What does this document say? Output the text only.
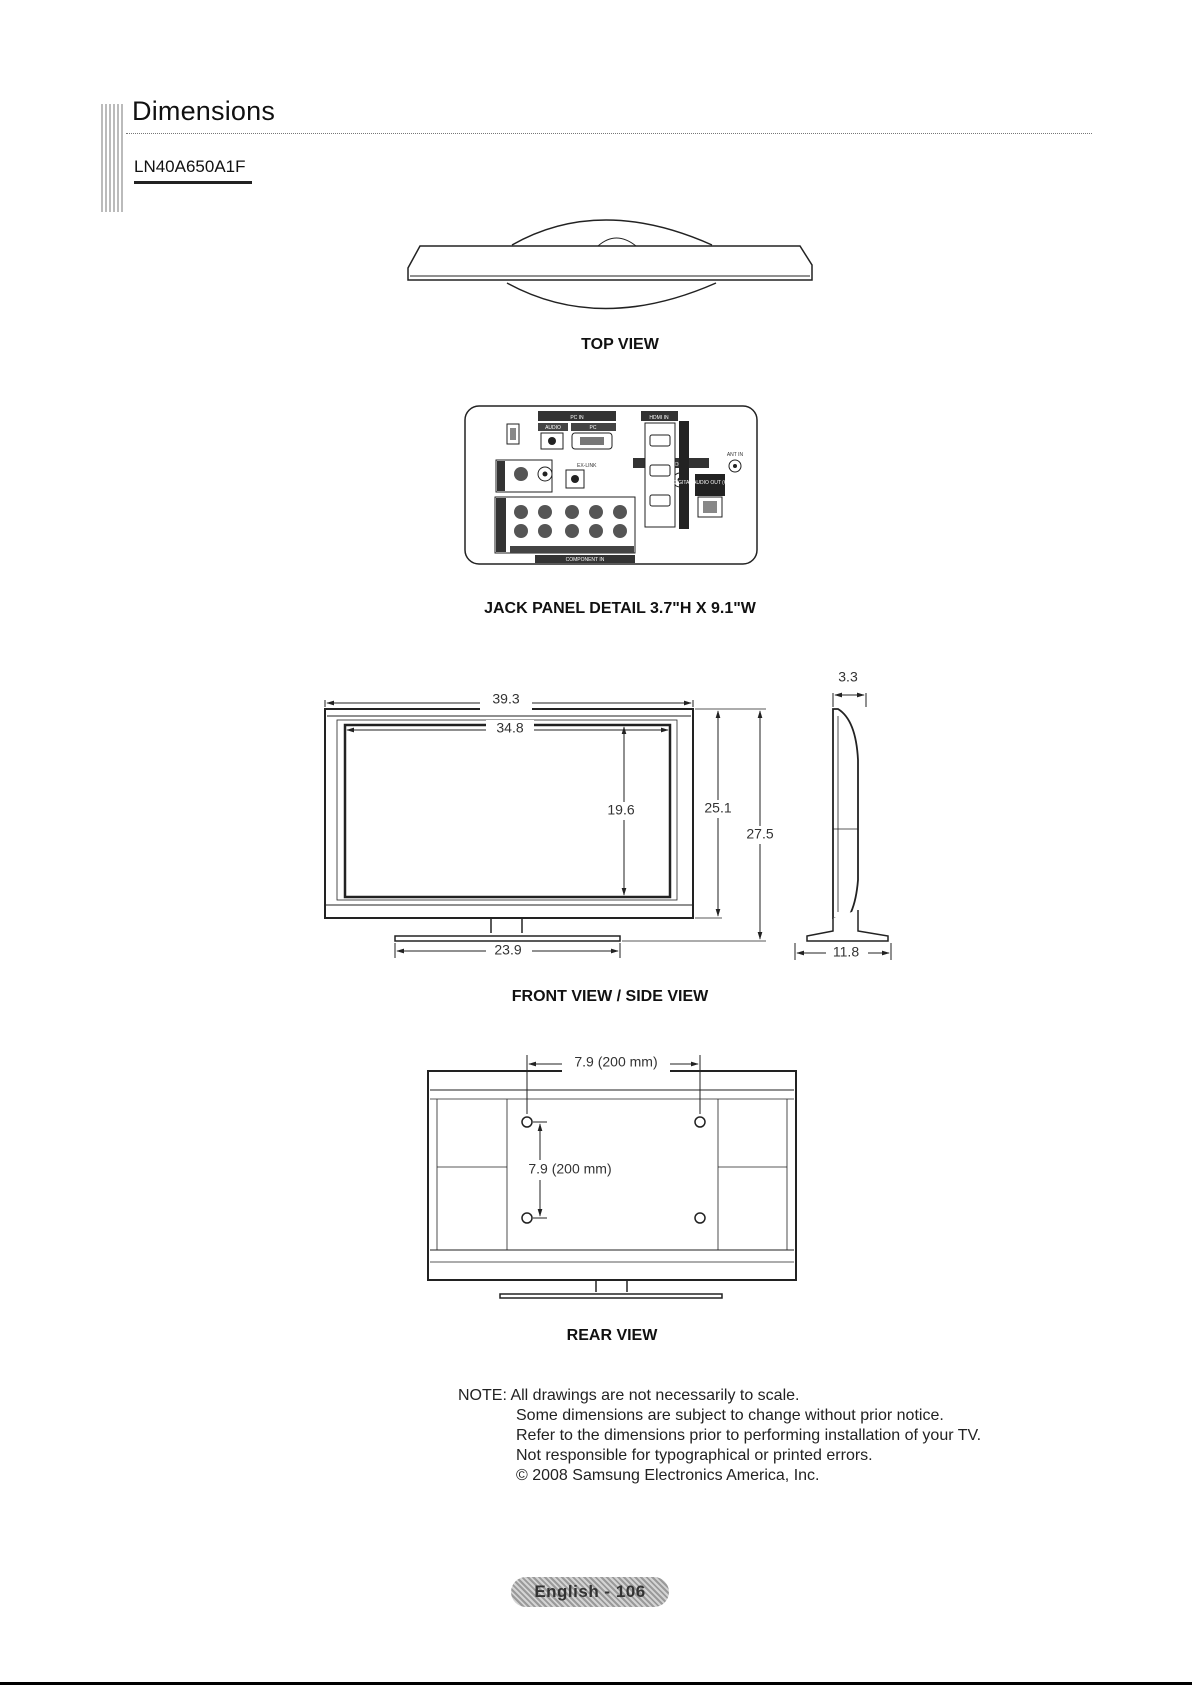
Dimensions
LN40A650A1F
PC IN	HDMI IN
AUDIO	PC
EX-LINK
ANT IN
DIGITAL AUDIO OUT (OPTICAL)
COMPONENT IN
39.3
34.8
19.6	25.1
27.5
23.9
3.3
11.8
7.9 (200 mm)
7.9 (200 mm)
TOP VIEW
JACK PANEL DETAIL 3.7"H X 9.1"W
FRONT VIEW / SIDE VIEW
REAR VIEW
NOTE: All drawings are not necessarily to scale.
Some dimensions are subject to change without prior notice.
Refer to the dimensions prior to performing installation of your TV.
Not responsible for typographical or printed errors.
© 2008 Samsung Electronics America, Inc.
English - 106
